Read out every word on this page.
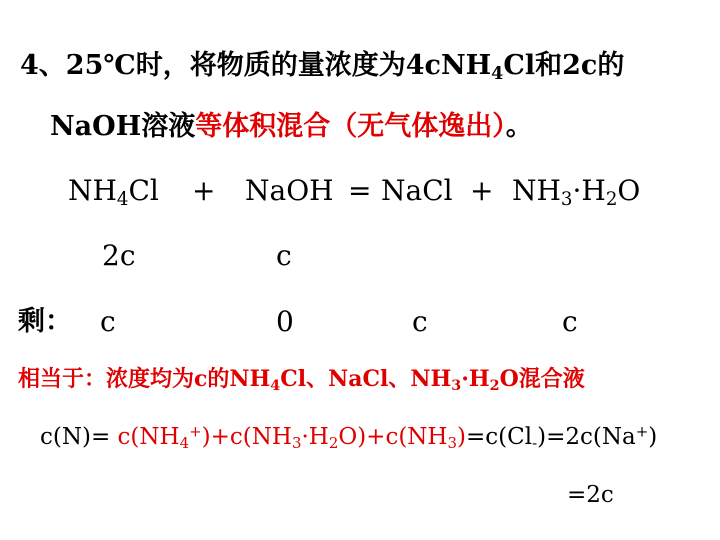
4、25℃时，将物质的量浓度为4cNH$_4$Cl和2c的
NaOH溶液等体积混合（无气体逸出）。
$NH_4Cl$ + NaOH = NaCl + $NH_3\cdot H_2O$
2c	c
剩： c	0	c	c
相当于：浓度均为c的$NH_4Cl$、NaCl、$NH_3\cdot H_2O$混合液
$c(N)= c(NH_4^+)+c(NH_3\cdot H_2O)+c(NH_3)=c(Cl_-)=2c(Na^+)$
=2c
